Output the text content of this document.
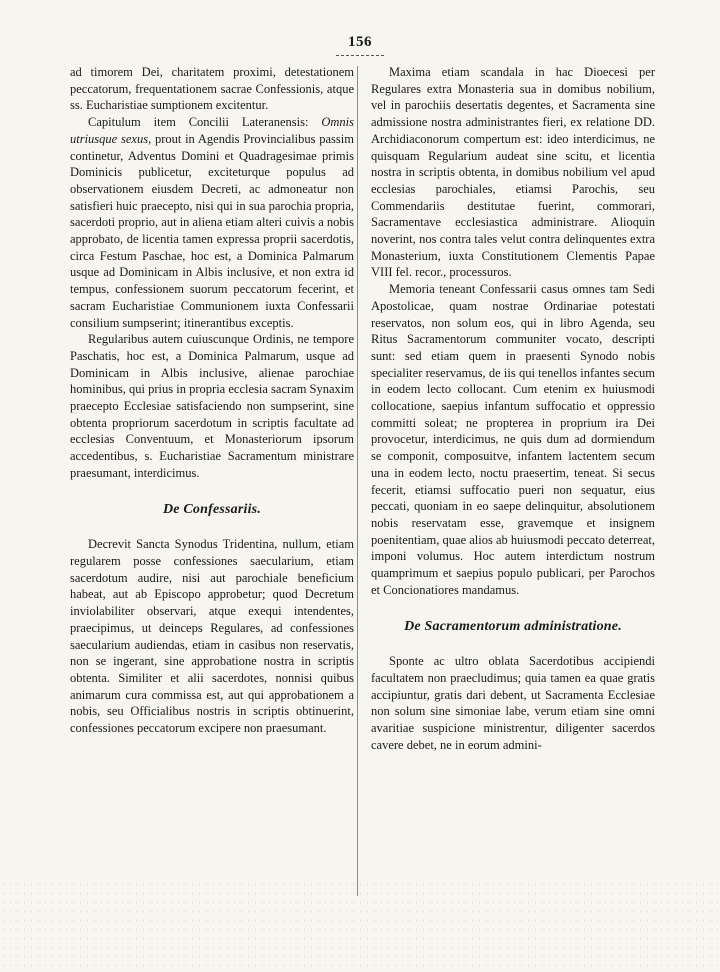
156

ad timorem Dei, charitatem proximi, detestationem peccatorum, frequentationem sacrae Confessionis, atque ss. Eucharistiae sumptionem excitentur.

Capitulum item Concilii Lateranensis: Omnis utriusque sexus, prout in Agendis Provincialibus passim continetur, Adventus Domini et Quadragesimae primis Dominicis publicetur, exciteturque populus ad observationem eiusdem Decreti, ac admoneatur non satisfieri huic praecepto, nisi qui in sua parochia propria, sacerdoti proprio, aut in aliena etiam alteri cuivis a nobis approbato, de licentia tamen expressa proprii sacerdotis, circa Festum Paschae, hoc est, a Dominica Palmarum usque ad Dominicam in Albis inclusive, et non extra id tempus, confessionem suorum peccatorum fecerint, et sacram Eucharistiae Communionem iuxta Confessarii consilium sumpserint; itinerantibus exceptis.

Regularibus autem cuiuscunque Ordinis, ne tempore Paschatis, hoc est, a Dominica Palmarum, usque ad Dominicam in Albis inclusive, alienae parochiae hominibus, qui prius in propria ecclesia sacram Synaxim praecepto Ecclesiae satisfaciendo non sumpserint, sine obtenta propriorum sacerdotum in scriptis facultate ad ecclesias Conventuum, et Monasteriorum ipsorum accedentibus, s. Eucharistiae Sacramentum ministrare praesumant, interdicimus.

De Confessariis.

Decrevit Sancta Synodus Tridentina, nullum, etiam regularem posse confessiones saecularium, etiam sacerdotum audire, nisi aut parochiale beneficium habeat, aut ab Episcopo approbetur; quod Decretum inviolabiliter observari, atque exequi intendentes, praecipimus, ut deinceps Regulares, ad confessiones saecularium audiendas, etiam in casibus non reservatis, non se ingerant, sine approbatione nostra in scriptis obtenta. Similiter et alii sacerdotes, nonnisi quibus animarum cura commissa est, aut qui approbationem a nobis, seu Officialibus nostris in scriptis obtinuerint, confessiones peccatorum excipere non praesumant.

Maxima etiam scandala in hac Dioecesi per Regulares extra Monasteria sua in domibus nobilium, vel in parochiis desertatis degentes, et Sacramenta sine admissione nostra administrantes fieri, ex relatione DD. Archidiaconorum compertum est: ideo interdicimus, ne quisquam Regularium audeat sine scitu, et licentia nostra in scriptis obtenta, in domibus nobilium vel apud ecclesias parochiales, etiamsi Parochis, seu Commendariis destitutae fuerint, commorari, Sacramentave ecclesiastica administrare. Alioquin noverint, nos contra tales velut contra delinquentes extra Monasterium, iuxta Constitutionem Clementis Papae VIII fel. recor., processuros.

Memoria teneant Confessarii casus omnes tam Sedi Apostolicae, quam nostrae Ordinariae potestati reservatos, non solum eos, qui in libro Agenda, seu Ritus Sacramentorum communiter vocato, descripti sunt: sed etiam quem in praesenti Synodo nobis specialiter reservamus, de iis qui tenellos infantes secum in eodem lecto collocant. Cum etenim ex huiusmodi collocatione, saepius infantum suffocatio et oppressio committi soleat; ne propterea in proprium ira Dei provocetur, interdicimus, ne quis dum ad dormiendum se componit, composuitve, infantem lactentem secum una in eodem lecto, noctu praesertim, teneat. Si secus fecerit, etiamsi suffocatio pueri non sequatur, eius peccati, quoniam in eo saepe delinquitur, absolutionem nobis reservatam esse, gravemque et insignem poenitentiam, quae alios ab huiusmodi peccato deterreat, imponi volumus. Hoc autem interdictum nostrum quamprimum et saepius populo publicari, per Parochos et Concionatiores mandamus.

De Sacramentorum administratione.

Sponte ac ultro oblata Sacerdotibus accipiendi facultatem non praecludimus; quia tamen ea quae gratis accipiuntur, gratis dari debent, ut Sacramenta Ecclesiae non solum sine simoniae labe, verum etiam sine omni avaritiae suspicione ministrentur, diligenter sacerdos cavere debet, ne in eorum admini-
